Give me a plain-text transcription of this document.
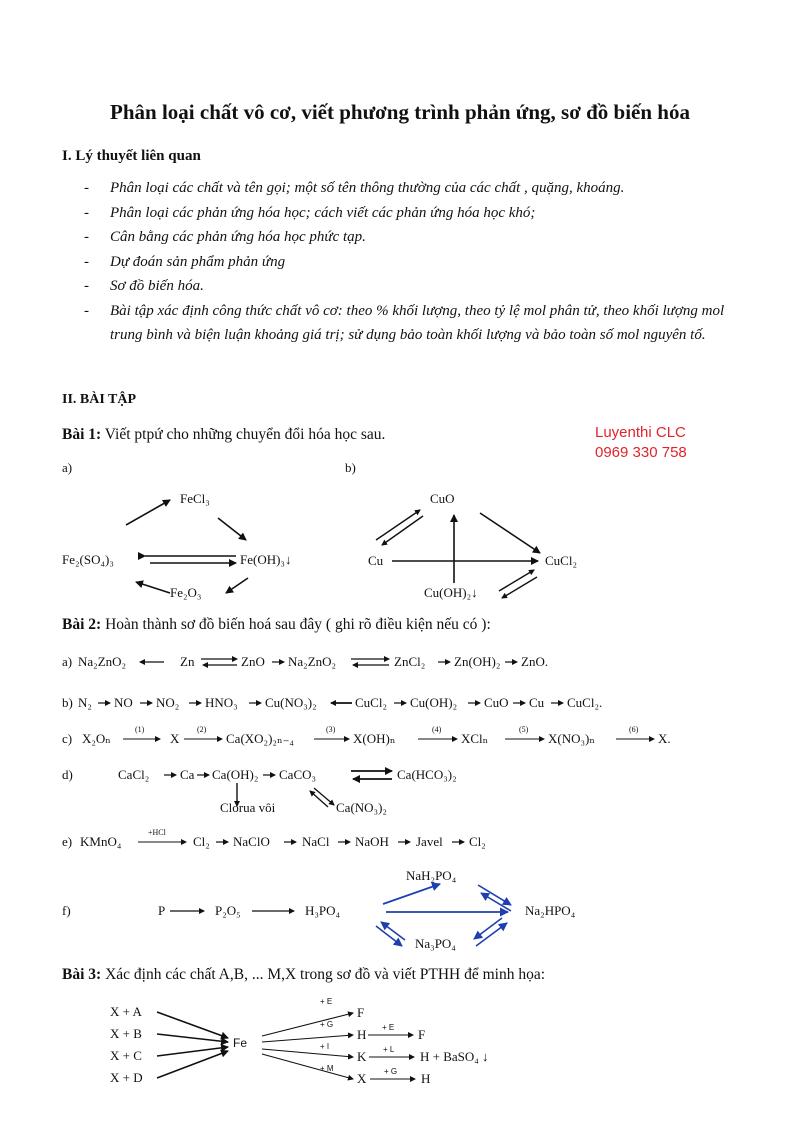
Phân loại chất vô cơ, viết phương trình phản ứng, sơ đồ biến hóa
I. Lý thuyết liên quan
- Phân loại các chất và tên gọi; một số tên thông thường của các chất , quặng, khoáng.
- Phân loại các phản ứng hóa học; cách viết các phản ứng hóa học khó;
- Cân bằng các phản ứng hóa học phức tạp.
- Dự đoán sản phẩm phản ứng
- Sơ đồ biến hóa.
- Bài tập xác định công thức chất vô cơ: theo % khối lượng, theo tỷ lệ mol phân tử, theo khối lượng mol trung bình và biện luận khoảng giá trị; sử dụng bảo toàn khối lượng và bảo toàn số mol nguyên tố.
II. BÀI TẬP
Luyenthi CLC
0969 330 758
Bài 1: Viết ptpứ cho những chuyển đổi hóa học sau.
a)	b)
FeCl₃
Fe₂(SO₄)₃	Fe(OH)₃↓
Fe₂O₃
CuO
Cu	CuCl₂
Cu(OH)₂↓
Bài 2: Hoàn thành sơ đồ biến hoá sau đây ( ghi rõ điều kiện nếu có ):
a) Na₂ZnO₂	Zn	ZnO Na₂ZnO₂	ZnCl₂ Zn(OH)₂ ZnO.
b) N₂ NO NO₂ HNO₃ Cu(NO₃)₂	CuCl₂ Cu(OH)₂ CuO Cu CuCl₂.
c) X₂Oₙ	X	Ca(XO₂)₂ₙ₋₄	X(OH)ₙ	XClₙ	X(NO₃)ₙ	X.
(1)	(2)	(3)	(4)	(5)	(6)
d)	CaCl₂ Ca Ca(OH)₂ CaCO₃	Ca(HCO₃)₂
Clorua vôi	Ca(NO₃)₂
e) KMnO₄
+HCl
Cl₂ NaClO NaCl NaOH Javel Cl₂
f)	P	P₂O₅	H₃PO₄
NaH₂PO₄
Na₂HPO₄
Na₃PO₄
Bài 3: Xác định các chất A,B, ... M,X trong sơ đồ và viết PTHH để minh họa:
X + A
X + B
X + C
X + D
Fe
+ E
F
+ G
H + E F
+ I
K + L H + BaSO₄ ↓
+ M
X + G H
